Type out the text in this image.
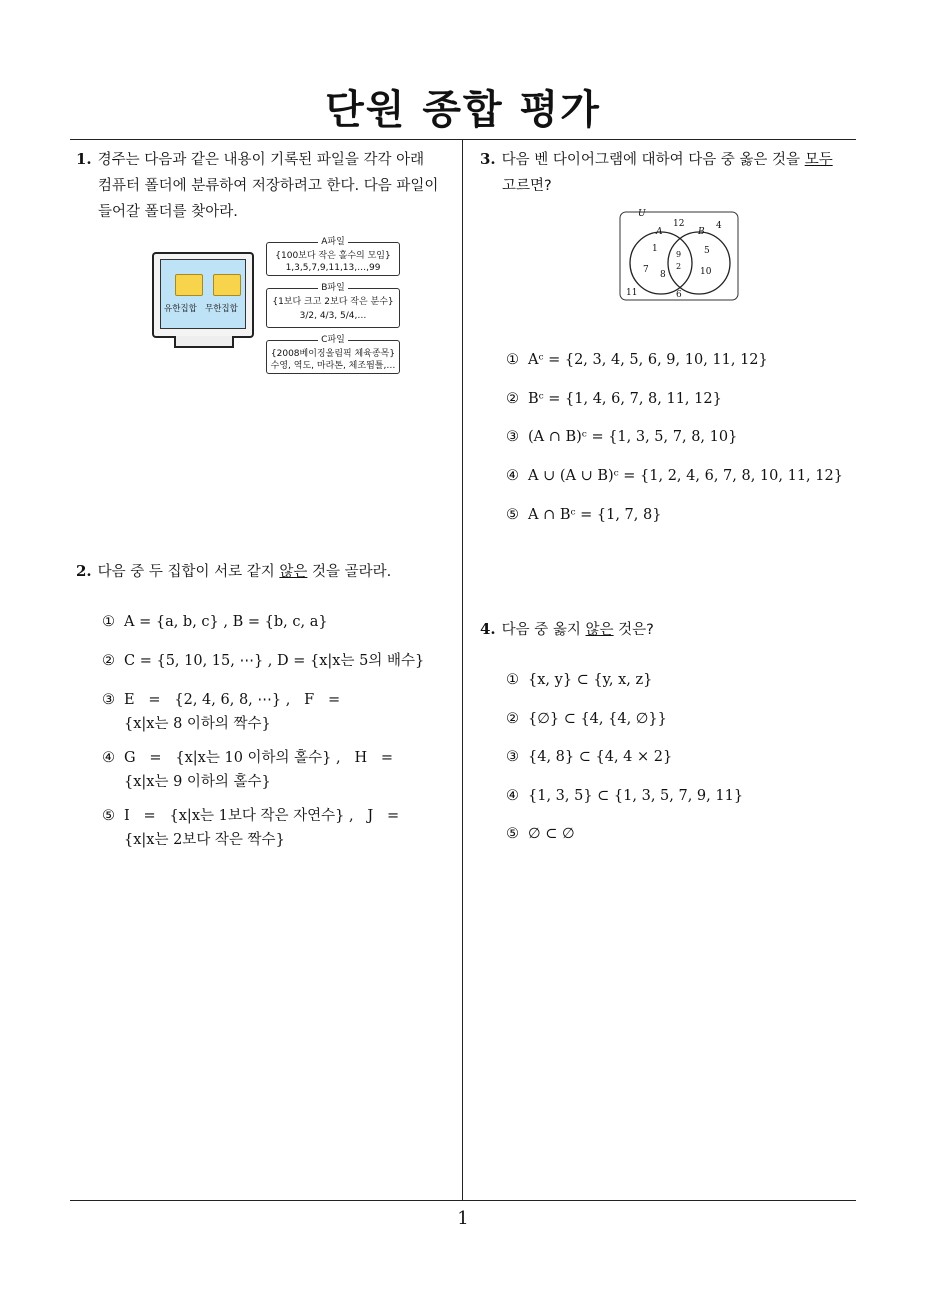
단원 종합 평가
1. 경주는 다음과 같은 내용이 기록된 파일을 각각 아래
컴퓨터 폴더에 분류하여 저장하려고 한다. 다음 파일이
들어갈 폴더를 찾아라.
유한집합 무한집합
A파일
{100보다 작은 홀수의 모임}
1,3,5,7,9,11,13,…,99
B파일
{1보다 크고 2보다 작은 분수}
3/2, 4/3, 5/4,…
C파일
{2008베이징올림픽 체육종목}
수영, 역도, 마라톤, 체조뜀틀,…
2. 다음 중 두 집합이 서로 같지 않은 것을 골라라.
① A = {a, b, c} , B = {b, c, a}
② C = {5, 10, 15, ⋯} , D = {x|x는 5의 배수}
③ E   =   {2, 4, 6, 8, ⋯} ,   F   =
{x|x는 8 이하의 짝수}
④ G   =   {x|x는 10 이하의 홀수} ,   H   =
{x|x는 9 이하의 홀수}
⑤ I   =   {x|x는 1보다 작은 자연수} ,   J   =
{x|x는 2보다 작은 짝수}
3. 다음 벤 다이어그램에 대하여 다음 중 옳은 것을 모두
고르면?
U
A	B
12	4
1
9	5
2
7 8	10
11	6
① Aᶜ = {2, 3, 4, 5, 6, 9, 10, 11, 12}
② Bᶜ = {1, 4, 6, 7, 8, 11, 12}
③ (A ∩ B)ᶜ = {1, 3, 5, 7, 8, 10}
④ A ∪ (A ∪ B)ᶜ = {1, 2, 4, 6, 7, 8, 10, 11, 12}
⑤ A ∩ Bᶜ = {1, 7, 8}
4. 다음 중 옳지 않은 것은?
① {x, y} ⊂ {y, x, z}
② {∅} ⊂ {4, {4, ∅}}
③ {4, 8} ⊂ {4, 4 × 2}
④ {1, 3, 5} ⊂ {1, 3, 5, 7, 9, 11}
⑤ ∅ ⊂ ∅
1
